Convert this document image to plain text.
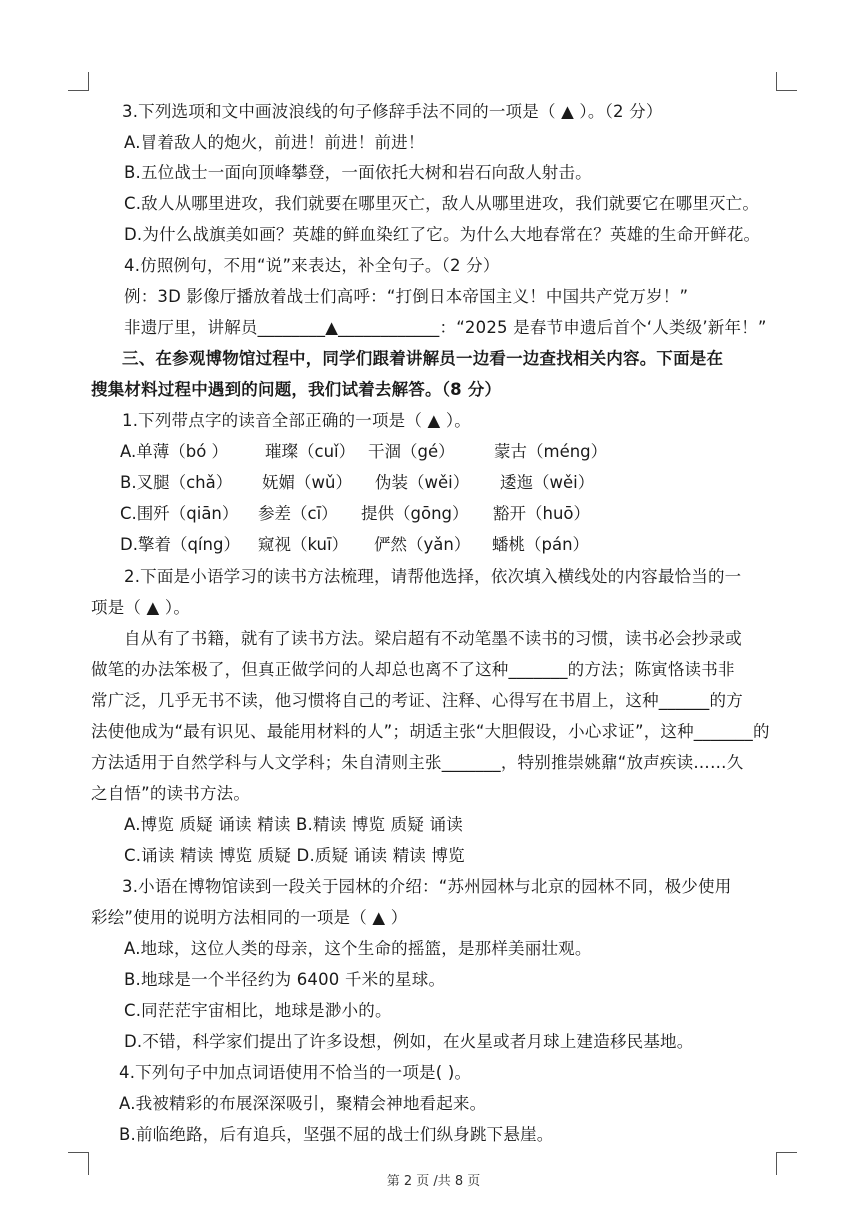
3.下列选项和文中画波浪线的句子修辞手法不同的一项是（ ▲ ）。（2 分）
A.冒着敌人的炮火，前进！前进！前进！
B.五位战士一面向顶峰攀登，一面依托大树和岩石向敌人射击。
C.敌人从哪里进攻，我们就要在哪里灭亡，敌人从哪里进攻，我们就要它在哪里灭亡。
D.为什么战旗美如画？英雄的鲜血染红了它。为什么大地春常在？英雄的生命开鲜花。
4.仿照例句，不用“说”来表达，补全句子。（2 分）
例：3D 影像厅播放着战士们高呼：“打倒日本帝国主义！中国共产党万岁！”
非遗厅里，讲解员________▲____________：“2025 是春节申遗后首个‘人类级’新年！”
三、在参观博物馆过程中，同学们跟着讲解员一边看一边查找相关内容。下面是在
搜集材料过程中遇到的问题，我们试着去解答。（8 分）
1.下列带点字的读音全部正确的一项是（ ▲ ）。
A.单薄（bó ） 璀璨（cuǐ） 干涸（gé） 蒙古（méng）
B.叉腿（chǎ） 妩媚（wǔ） 伪装（wěi） 逶迤（wěi）
C.围歼（qiān） 参差（cī） 提供（gōng） 豁开（huō）
D.擎着（qíng） 窥视（kuī） 俨然（yǎn） 蟠桃（pán）
2.下面是小语学习的读书方法梳理，请帮他选择，依次填入横线处的内容最恰当的一
项是（ ▲ ）。
自从有了书籍，就有了读书方法。梁启超有不动笔墨不读书的习惯，读书必会抄录或
做笔的办法笨极了，但真正做学问的人却总也离不了这种_______的方法；陈寅恪读书非
常广泛，几乎无书不读，他习惯将自己的考证、注释、心得写在书眉上，这种______的方
法使他成为“最有识见、最能用材料的人”；胡适主张“大胆假设，小心求证”，这种_______的
方法适用于自然学科与人文学科；朱自清则主张_______，特别推崇姚鼐“放声疾读……久
之自悟”的读书方法。
A.博览 质疑 诵读 精读 B.精读 博览 质疑 诵读
C.诵读 精读 博览 质疑 D.质疑 诵读 精读 博览
3.小语在博物馆读到一段关于园林的介绍：“苏州园林与北京的园林不同，极少使用
彩绘”使用的说明方法相同的一项是（ ▲ ）
A.地球，这位人类的母亲，这个生命的摇篮，是那样美丽壮观。
B.地球是一个半径约为 6400 千米的星球。
C.同茫茫宇宙相比，地球是渺小的。
D.不错，科学家们提出了许多设想，例如，在火星或者月球上建造移民基地。
4.下列句子中加点词语使用不恰当的一项是( )。
A.我被精彩的布展深深吸引，聚精会神地看起来。
B.前临绝路，后有追兵，坚强不屈的战士们纵身跳下悬崖。
第 2 页 /共 8 页
